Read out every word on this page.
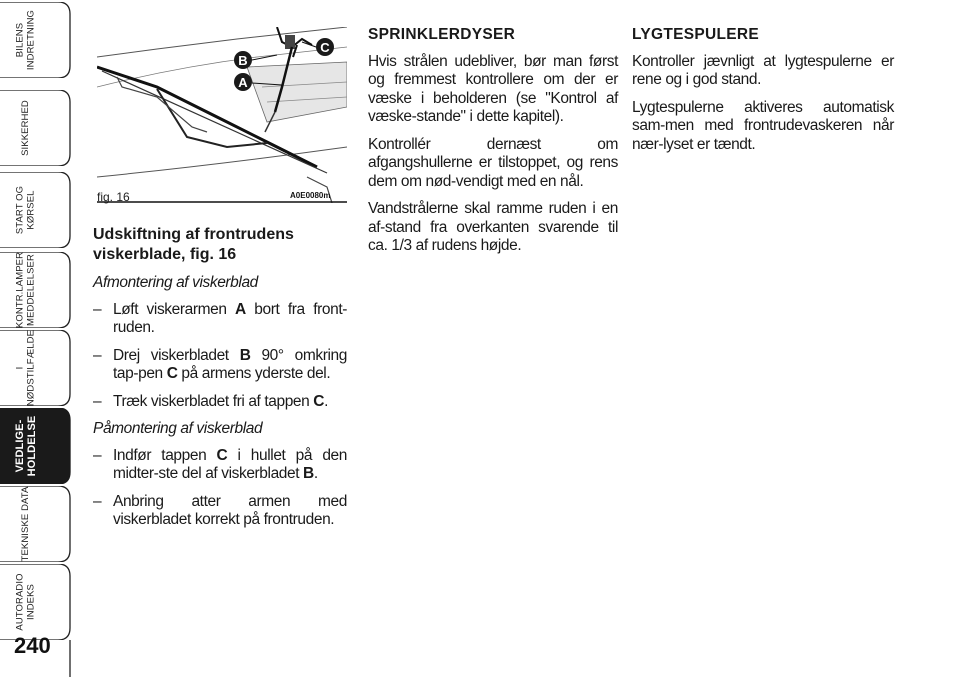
BILENS
INDRETNING
SIKKERHED
START OG
KØRSEL
KONTR.LAMPER
MEDDELELSER
I NØDSTILFÆLDE
VEDLIGE-
HOLDELSE
TEKNISKE DATA
AUTORADIO
INDEKS
240
B
A
C
fig. 16	A0E0080m
Udskiftning af frontrudens viskerblade, fig. 16

Afmontering af viskerblad

– Løft viskerarmen A bort fra front-ruden.
– Drej viskerbladet B 90° omkring tap-pen C på armens yderste del.
– Træk viskerbladet fri af tappen C.

Påmontering af viskerblad

– Indfør tappen C i hullet på den midter-ste del af viskerbladet B.
– Anbring atter armen med viskerbladet korrekt på frontruden.
SPRINKLERDYSER

Hvis strålen udebliver, bør man først og fremmest kontrollere om der er væske i beholderen (se "Kontrol af væske-stande" i dette kapitel).

Kontrollér dernæst om afgangshullerne er tilstoppet, og rens dem om nød-vendigt med en nål.

Vandstrålerne skal ramme ruden i en af-stand fra overkanten svarende til ca. 1/3 af rudens højde.

LYGTESPULERE

Kontroller jævnligt at lygtespulerne er rene og i god stand.

Lygtespulerne aktiveres automatisk sam-men med frontrudevaskeren når nær-lyset er tændt.
